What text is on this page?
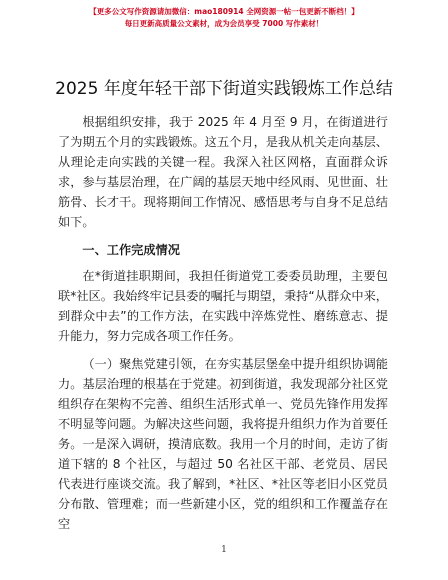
【更多公文写作资源请加微信：mao180914 全网资源一帖一包更新不断档！】
每日更新高质量公文素材，成为会员享受 7000 写作素材！
2025 年度年轻干部下街道实践锻炼工作总结

根据组织安排，我于 2025 年 4 月至 9 月，在街道进行了为期五个月的实践锻炼。这五个月，是我从机关走向基层、从理论走向实践的关键一程。我深入社区网格，直面群众诉求，参与基层治理，在广阔的基层天地中经风雨、见世面、壮筋骨、长才干。现将期间工作情况、感悟思考与自身不足总结如下。

一、工作完成情况

在*街道挂职期间，我担任街道党工委委员助理，主要包联*社区。我始终牢记县委的嘱托与期望，秉持“从群众中来，到群众中去”的工作方法，在实践中淬炼党性、磨练意志、提升能力，努力完成各项工作任务。

（一）聚焦党建引领，在夯实基层堡垒中提升组织协调能力。基层治理的根基在于党建。初到街道，我发现部分社区党组织存在架构不完善、组织生活形式单一、党员先锋作用发挥不明显等问题。为解决这些问题，我将提升组织力作为首要任务。一是深入调研，摸清底数。我用一个月的时间，走访了街道下辖的 8 个社区，与超过 50 名社区干部、老党员、居民代表进行座谈交流。我了解到，*社区、*社区等老旧小区党员分布散、管理难；而一些新建小区，党的组织和工作覆盖存在空

1
